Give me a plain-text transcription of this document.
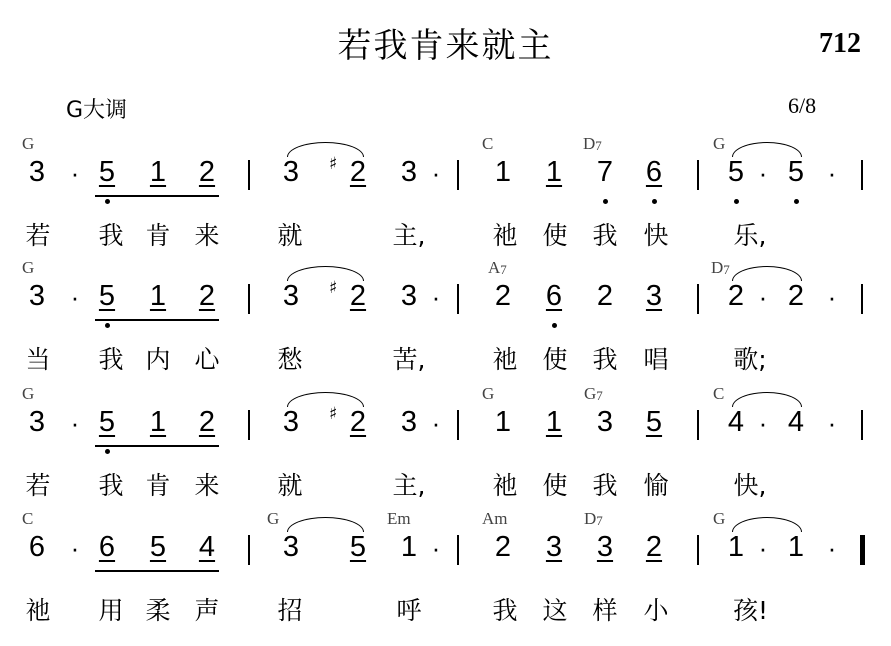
若我肯来就主	712
G大调	6/8
G	C	$D_7$	G
3 · 5 1 2 3	♯ 2 3 · 1 1 7 6 5 · 5 ·
若 我 肯 来 就	主,	祂 使 我 快	乐,
G	$A_7$	$D_7$
3 · 5 1 2 3	♯ 2 3 · 2 6 2 3 2 · 2 ·
当 我 内 心 愁	苦,	祂 使 我 唱	歌;
G	G	$G_7$	C
3 · 5 1 2 3	♯ 2 3 · 1 1 3 5 4 · 4 ·
若 我 肯 来 就	主,	祂 使 我 愉	快,
C	G	Em	Am	$D_7$	G
6 · 6 5 4 3 5 1 · 2 3 3 2 1 · 1 ·
祂 用 柔 声 招	呼	我 这 样 小	孩!
